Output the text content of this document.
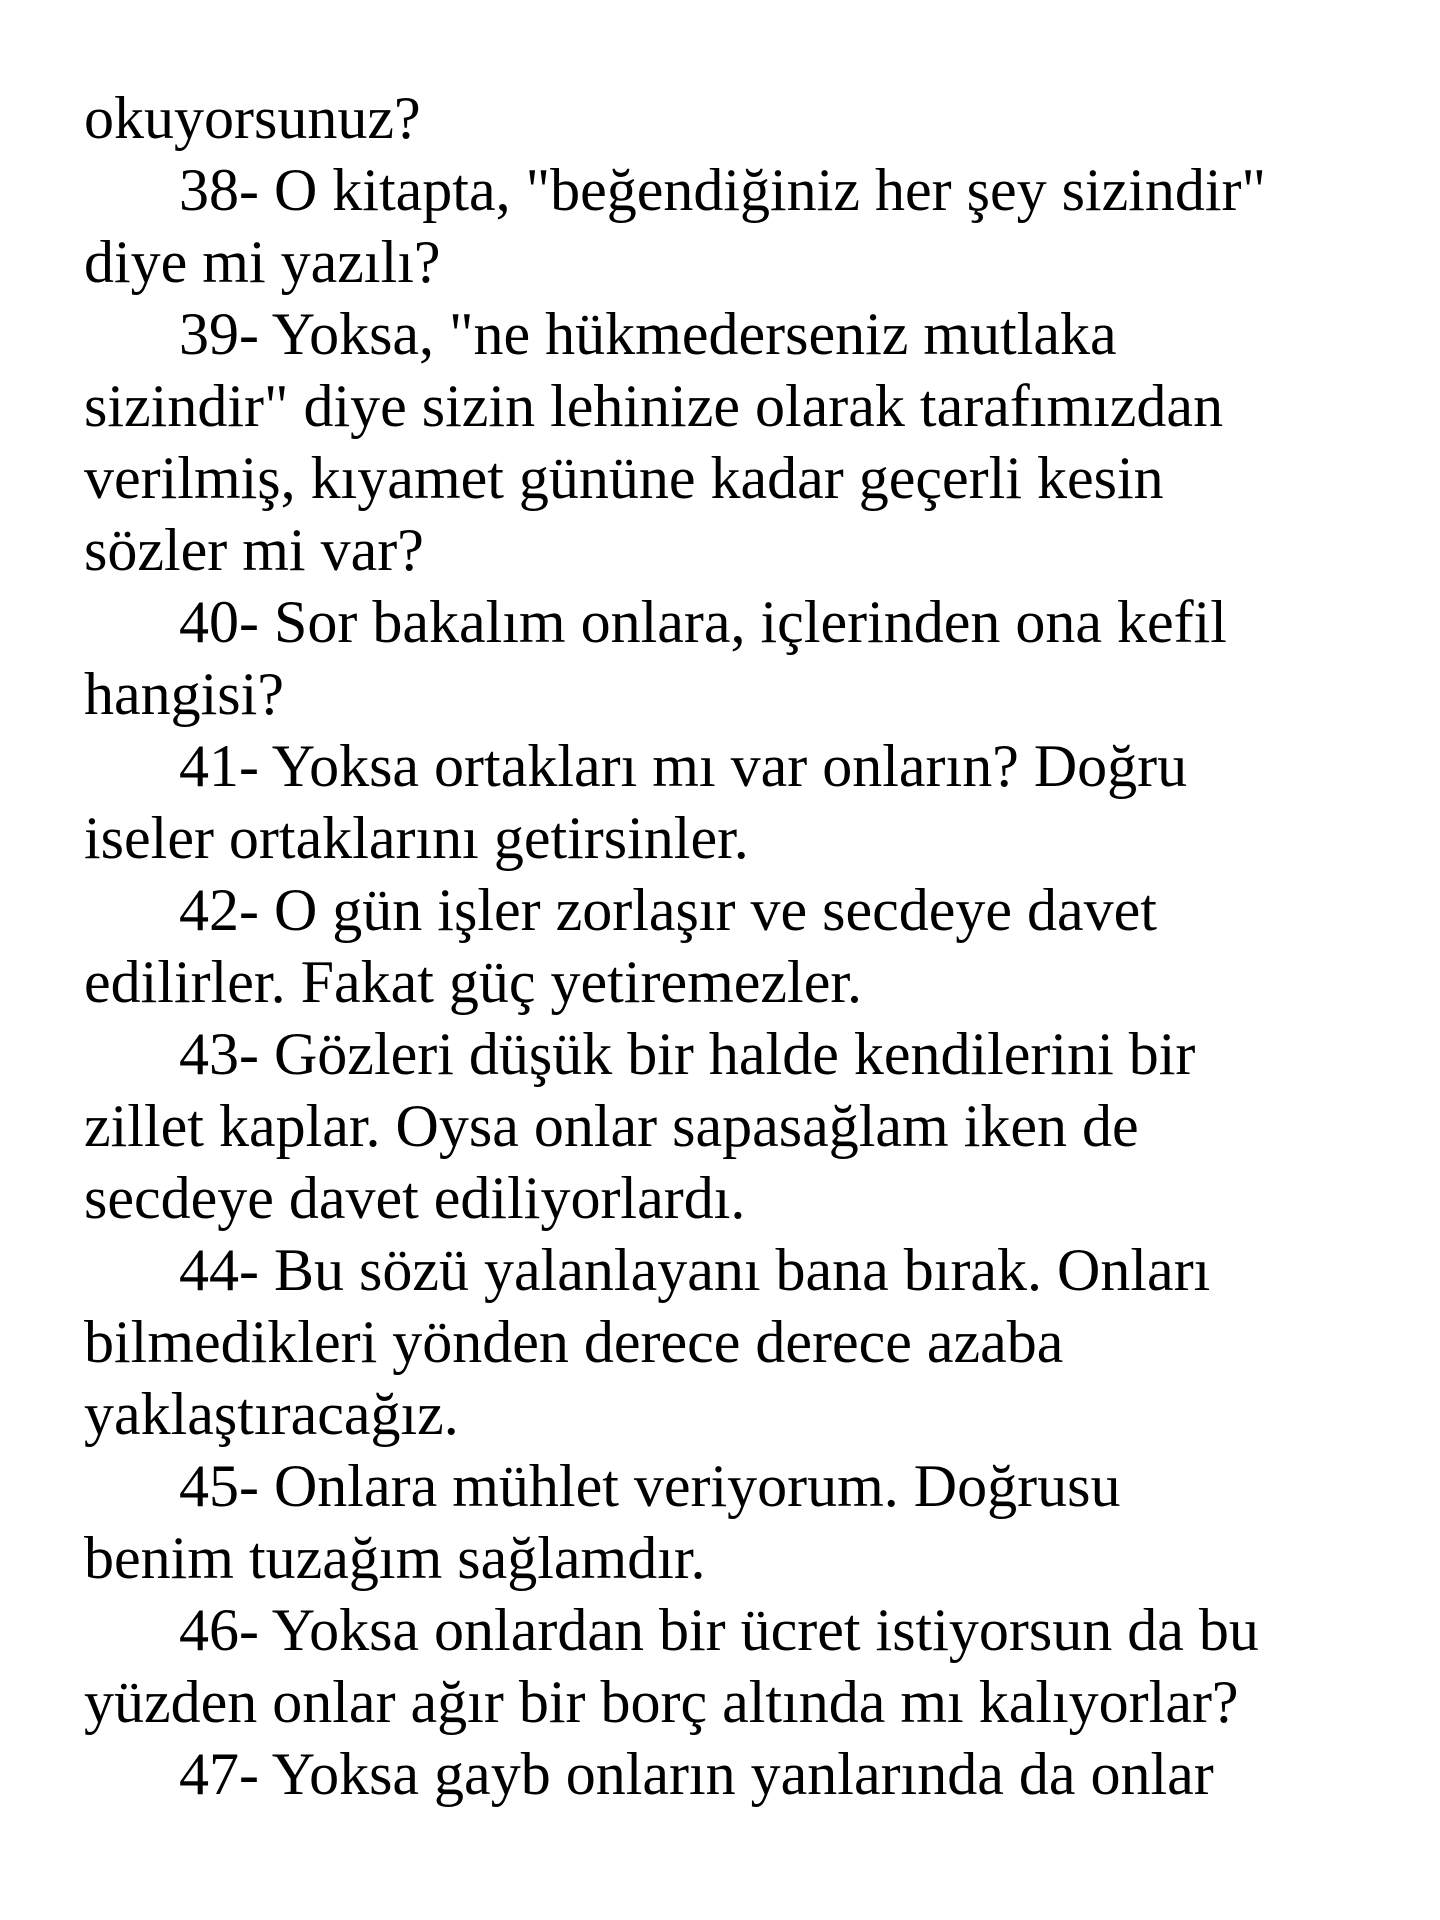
okuyorsunuz?
38- O kitapta, "beğendiğiniz her şey sizindir"
diye mi yazılı?
39- Yoksa, "ne hükmederseniz mutlaka
sizindir" diye sizin lehinize olarak tarafımızdan
verilmiş, kıyamet gününe kadar geçerli kesin
sözler mi var?
40- Sor bakalım onlara, içlerinden ona kefil
hangisi?
41- Yoksa ortakları mı var onların? Doğru
iseler ortaklarını getirsinler.
42- O gün işler zorlaşır ve secdeye davet
edilirler. Fakat güç yetiremezler.
43- Gözleri düşük bir halde kendilerini bir
zillet kaplar. Oysa onlar sapasağlam iken de
secdeye davet ediliyorlardı.
44- Bu sözü yalanlayanı bana bırak. Onları
bilmedikleri yönden derece derece azaba
yaklaştıracağız.
45- Onlara mühlet veriyorum. Doğrusu
benim tuzağım sağlamdır.
46- Yoksa onlardan bir ücret istiyorsun da bu
yüzden onlar ağır bir borç altında mı kalıyorlar?
47- Yoksa gayb onların yanlarında da onlar
